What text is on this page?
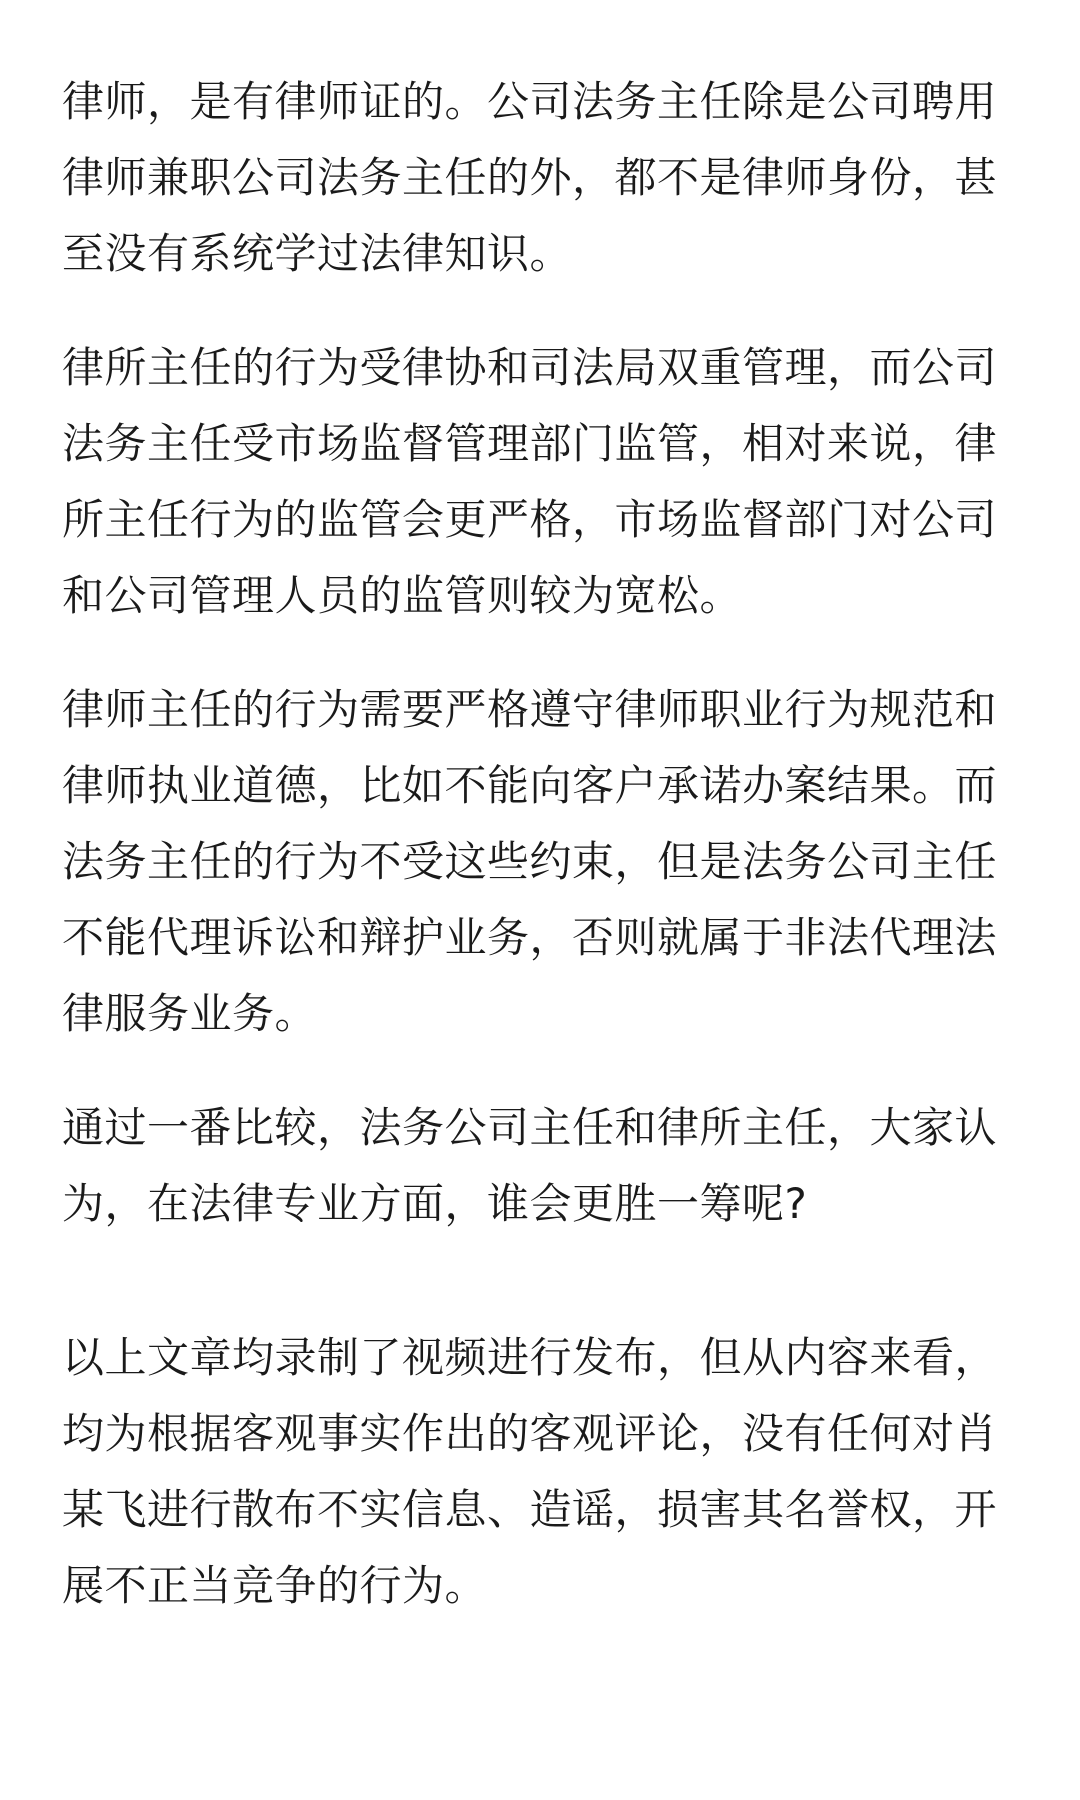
律师，是有律师证的。公司法务主任除是公司聘用
律师兼职公司法务主任的外，都不是律师身份，甚
至没有系统学过法律知识。
律所主任的行为受律协和司法局双重管理，而公司
法务主任受市场监督管理部门监管，相对来说，律
所主任行为的监管会更严格，市场监督部门对公司
和公司管理人员的监管则较为宽松。
律师主任的行为需要严格遵守律师职业行为规范和
律师执业道德，比如不能向客户承诺办案结果。而
法务主任的行为不受这些约束，但是法务公司主任
不能代理诉讼和辩护业务，否则就属于非法代理法
律服务业务。
通过一番比较，法务公司主任和律所主任，大家认
为，在法律专业方面，谁会更胜一筹呢?
以上文章均录制了视频进行发布，但从内容来看，
均为根据客观事实作出的客观评论，没有任何对肖
某飞进行散布不实信息、造谣，损害其名誉权，开
展不正当竞争的行为。
